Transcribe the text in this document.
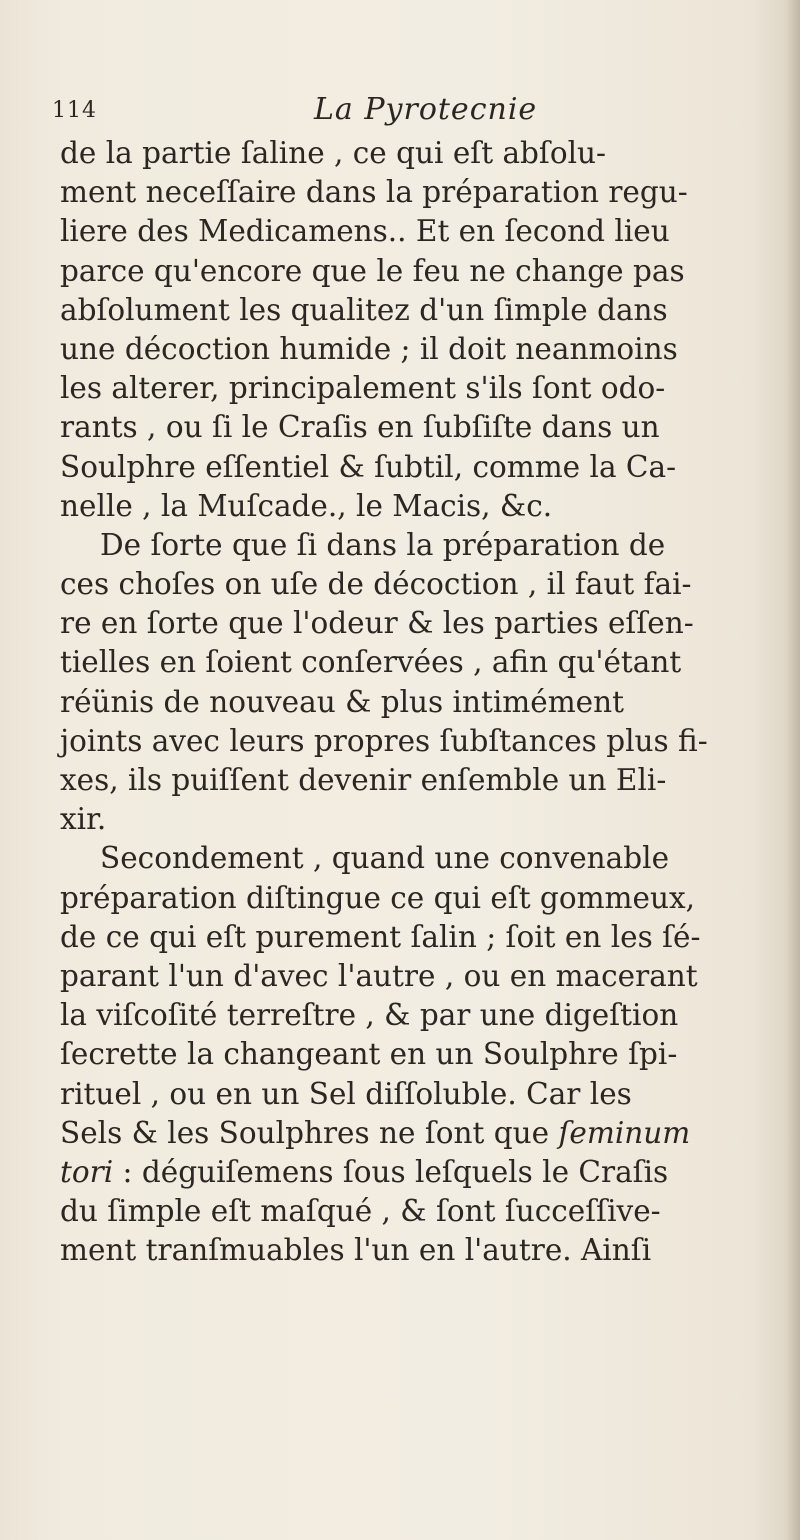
114	La Pyrotecnie
de la partie ſaline , ce qui eſt abſolu-
ment neceſſaire dans la préparation regu-
liere des Medicamens.. Et en ſecond lieu
parce qu'encore que le feu ne change pas
abſolument les qualitez d'un ſimple dans
une décoction humide ; il doit neanmoins
les alterer, principalement s'ils ſont odo-
rants , ou ſi le Craſis en ſubſiſte dans un
Soulphre eſſentiel & ſubtil, comme la Ca-
nelle , la Muſcade., le Macis, &c.
De ſorte que ſi dans la préparation de
ces choſes on uſe de décoction , il faut fai-
re en ſorte que l'odeur & les parties eſſen-
tielles en ſoient conſervées , afin qu'étant
réünis de nouveau & plus intimément
joints avec leurs propres ſubſtances plus fi-
xes, ils puiſſent devenir enſemble un Eli-
xir.
Secondement , quand une convenable
préparation diſtingue ce qui eſt gommeux,
de ce qui eſt purement ſalin ; ſoit en les ſé-
parant l'un d'avec l'autre , ou en macerant
la viſcoſité terreſtre , & par une digeſtion
ſecrette la changeant en un Soulphre ſpi-
rituel , ou en un Sel diſſoluble. Car les
Sels & les Soulphres ne ſont que ſeminum
tori : déguiſemens ſous leſquels le Craſis
du ſimple eſt maſqué , & ſont ſucceſſive-
ment tranſmuables l'un en l'autre. Ainſi
